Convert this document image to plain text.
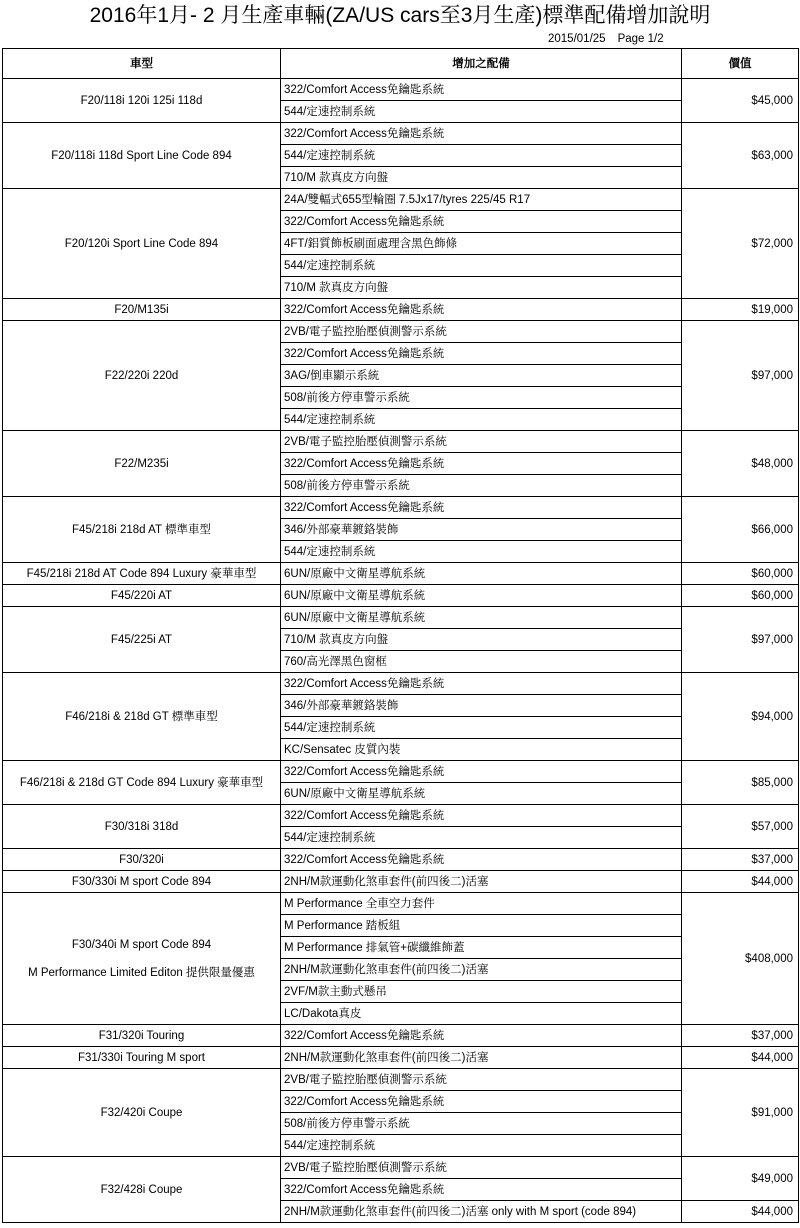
2016年1月- 2 月生產車輛(ZA/US cars至3月生產)標準配備增加說明
2015/01/25 Page 1/2
車型	增加之配備	價值
F20/118i 120i 125i 118d	322/Comfort Access免鑰匙系統	$45,000
	544/定速控制系統	
F20/118i 118d Sport Line Code 894	322/Comfort Access免鑰匙系統	$63,000
	544/定速控制系統	
	710/M 款真皮方向盤	
F20/120i Sport Line Code 894	24A/雙輻式655型輪圈 7.5Jx17/tyres 225/45 R17	$72,000
	322/Comfort Access免鑰匙系統	
	4FT/鋁質飾板刷面處理含黑色飾條	
	544/定速控制系統	
	710/M 款真皮方向盤	
F20/M135i	322/Comfort Access免鑰匙系統	$19,000
F22/220i 220d	2VB/電子監控胎壓偵測警示系統	$97,000
	322/Comfort Access免鑰匙系統	
	3AG/倒車顯示系統	
	508/前後方停車警示系統	
	544/定速控制系統	
F22/M235i	2VB/電子監控胎壓偵測警示系統	$48,000
	322/Comfort Access免鑰匙系統	
	508/前後方停車警示系統	
F45/218i 218d AT 標準車型	322/Comfort Access免鑰匙系統	$66,000
	346/外部豪華鍍鉻裝飾	
	544/定速控制系統	
F45/218i 218d AT Code 894 Luxury 豪華車型	6UN/原廠中文衛星導航系統	$60,000
F45/220i AT	6UN/原廠中文衛星導航系統	$60,000
F45/225i AT	6UN/原廠中文衛星導航系統	$97,000
	710/M 款真皮方向盤	
	760/高光澤黑色窗框	
F46/218i & 218d GT 標準車型	322/Comfort Access免鑰匙系統	$94,000
	346/外部豪華鍍鉻裝飾	
	544/定速控制系統	
	KC/Sensatec 皮質內裝	
F46/218i & 218d GT Code 894 Luxury 豪華車型	322/Comfort Access免鑰匙系統	$85,000
	6UN/原廠中文衛星導航系統	
F30/318i 318d	322/Comfort Access免鑰匙系統	$57,000
	544/定速控制系統	
F30/320i	322/Comfort Access免鑰匙系統	$37,000
F30/330i M sport Code 894	2NH/M款運動化煞車套件(前四後二)活塞	$44,000
F30/340i M sport Code 894
M Performance Limited Editon 提供限量優惠	M Performance 全車空力套件	$408,000
	M Performance 踏板組	
	M Performance 排氣管+碳纖維飾蓋	
	2NH/M款運動化煞車套件(前四後二)活塞	
	2VF/M款主動式懸吊	
	LC/Dakota真皮	
F31/320i Touring	322/Comfort Access免鑰匙系統	$37,000
F31/330i Touring M sport	2NH/M款運動化煞車套件(前四後二)活塞	$44,000
F32/420i Coupe	2VB/電子監控胎壓偵測警示系統	$91,000
	322/Comfort Access免鑰匙系統	
	508/前後方停車警示系統	
	544/定速控制系統	
F32/428i Coupe	2VB/電子監控胎壓偵測警示系統	$49,000
	322/Comfort Access免鑰匙系統	
	2NH/M款運動化煞車套件(前四後二)活塞 only with M sport (code 894)	$44,000
